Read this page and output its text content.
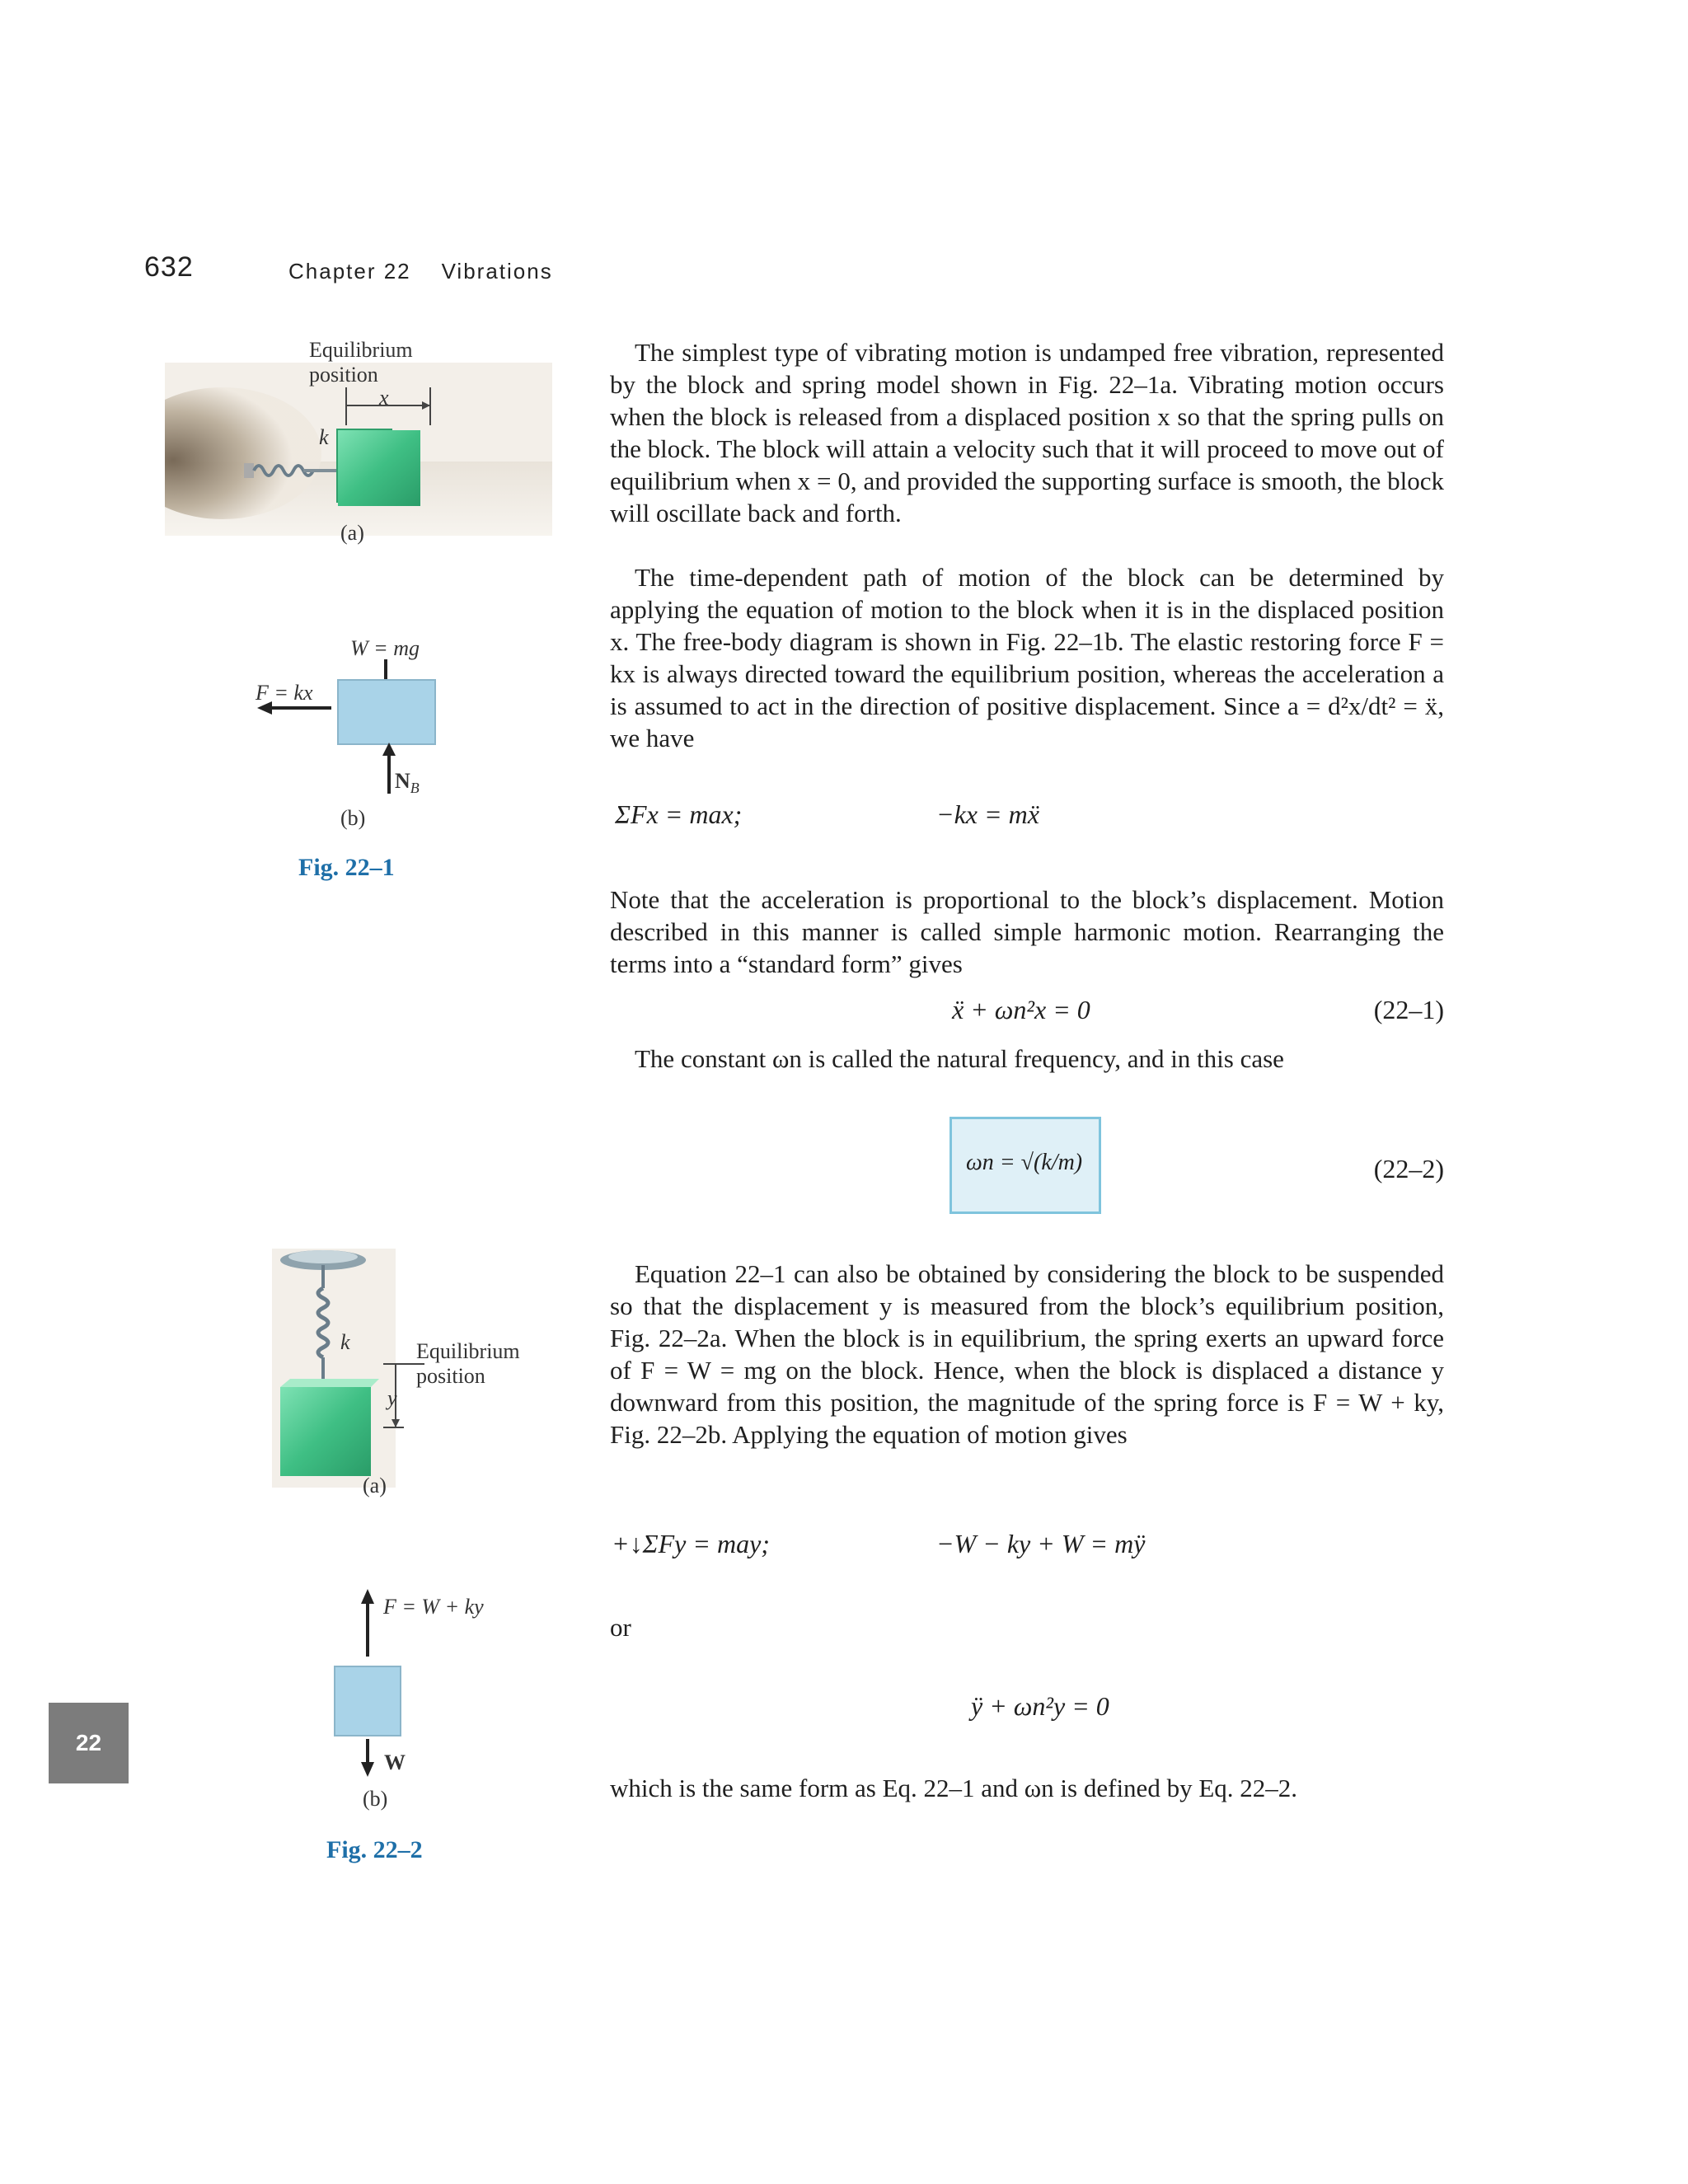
632	Chapter 22 Vibrations
22
Equilibrium
position
x
k
(a)
W = mg
F = kx
$N_B$
(b)
Fig. 22–1
k	Equilibrium
position
y
(a)
F = W + ky
W
(b)
Fig. 22–2

The simplest type of vibrating motion is undamped free vibration, represented by the block and spring model shown in Fig. 22–1a. Vibrating motion occurs when the block is released from a displaced position x so that the spring pulls on the block. The block will attain a velocity such that it will proceed to move out of equilibrium when x = 0, and provided the supporting surface is smooth, the block will oscillate back and forth.

The time-dependent path of motion of the block can be determined by applying the equation of motion to the block when it is in the displaced position x. The free-body diagram is shown in Fig. 22–1b. The elastic restoring force F = kx is always directed toward the equilibrium position, whereas the acceleration a is assumed to act in the direction of positive displacement. Since a = d²x/dt² = ẍ, we have

ΣFx = max;	−kx = mẍ

Note that the acceleration is proportional to the block’s displacement. Motion described in this manner is called simple harmonic motion. Rearranging the terms into a “standard form” gives

ẍ + ωn²x = 0	(22–1)

The constant ωn is called the natural frequency, and in this case

ωn = √(k/m)	(22–2)

Equation 22–1 can also be obtained by considering the block to be suspended so that the displacement y is measured from the block’s equilibrium position, Fig. 22–2a. When the block is in equilibrium, the spring exerts an upward force of F = W = mg on the block. Hence, when the block is displaced a distance y downward from this position, the magnitude of the spring force is F = W + ky, Fig. 22–2b. Applying the equation of motion gives

+↓ΣFy = may;	−W − ky + W = mÿ

or

ÿ + ωn²y = 0

which is the same form as Eq. 22–1 and ωn is defined by Eq. 22–2.
